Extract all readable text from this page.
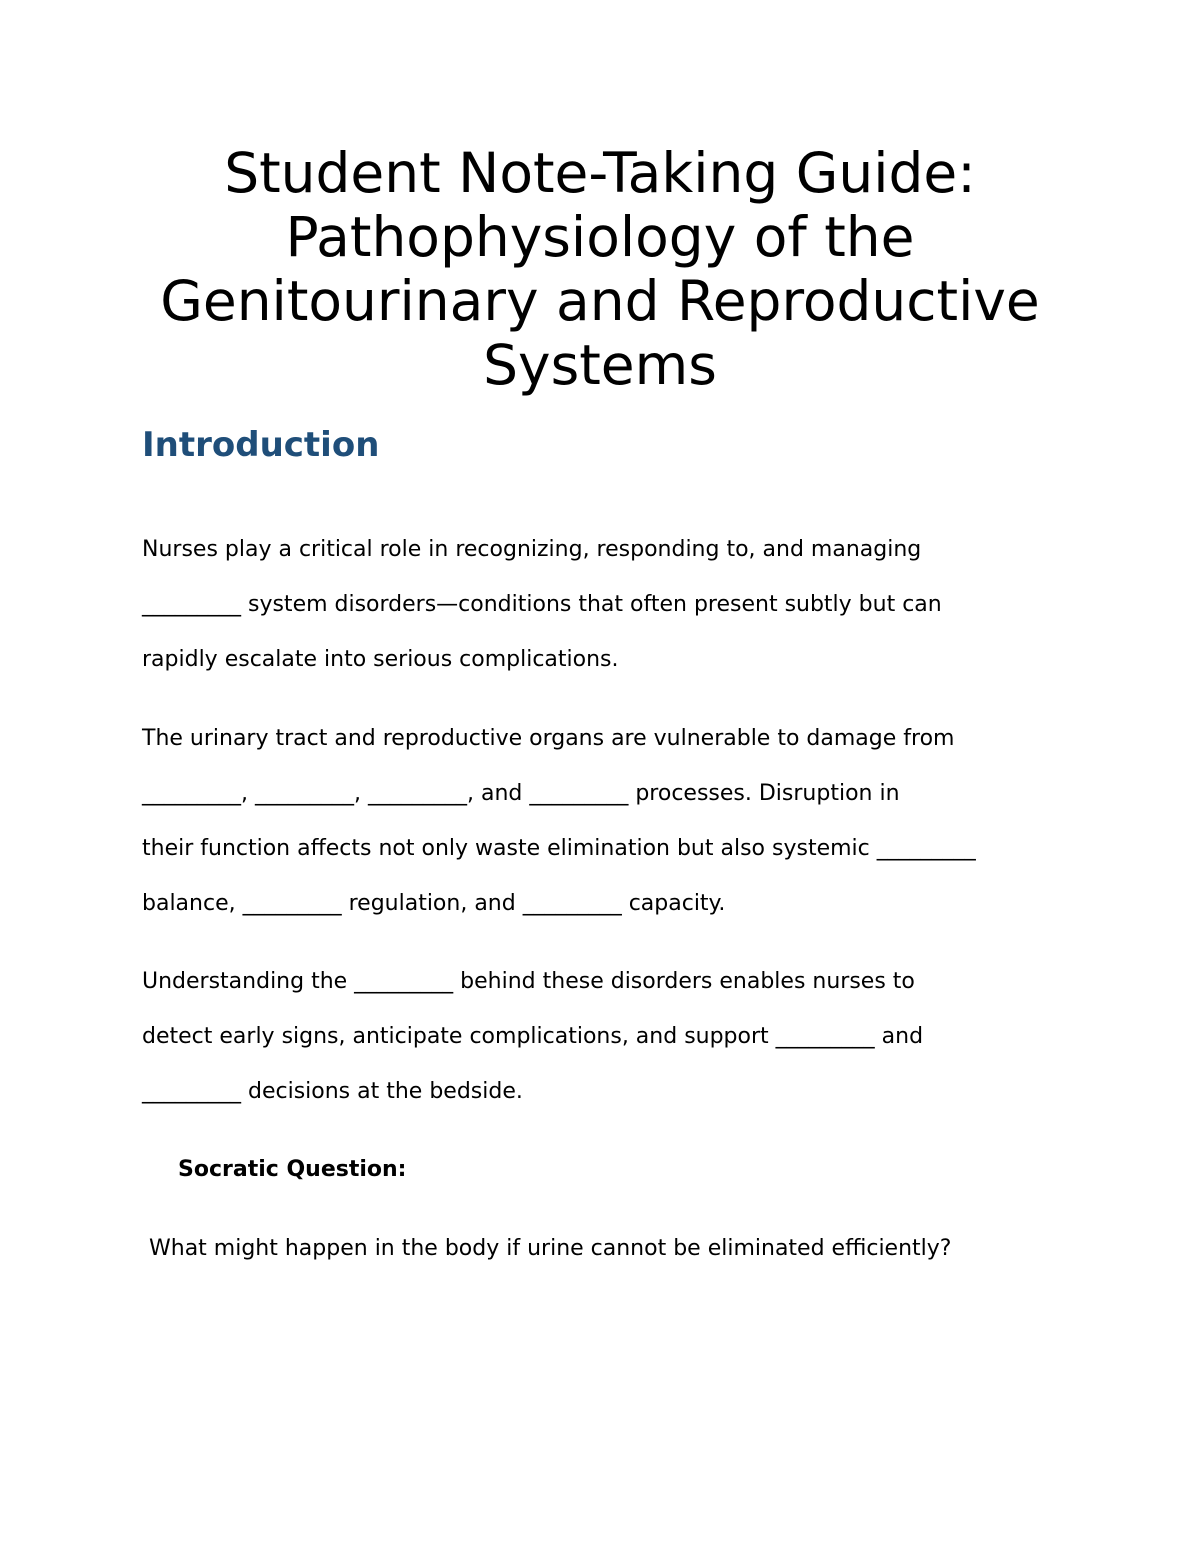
Student Note-Taking Guide:
Pathophysiology of the
Genitourinary and Reproductive
Systems
Introduction

Nurses play a critical role in recognizing, responding to, and managing
_________ system disorders—conditions that often present subtly but can
rapidly escalate into serious complications.

The urinary tract and reproductive organs are vulnerable to damage from
_________, _________, _________, and _________ processes. Disruption in
their function affects not only waste elimination but also systemic _________
balance, _________ regulation, and _________ capacity.

Understanding the _________ behind these disorders enables nurses to
detect early signs, anticipate complications, and support _________ and
_________ decisions at the bedside.

Socratic Question:

What might happen in the body if urine cannot be eliminated efficiently?
